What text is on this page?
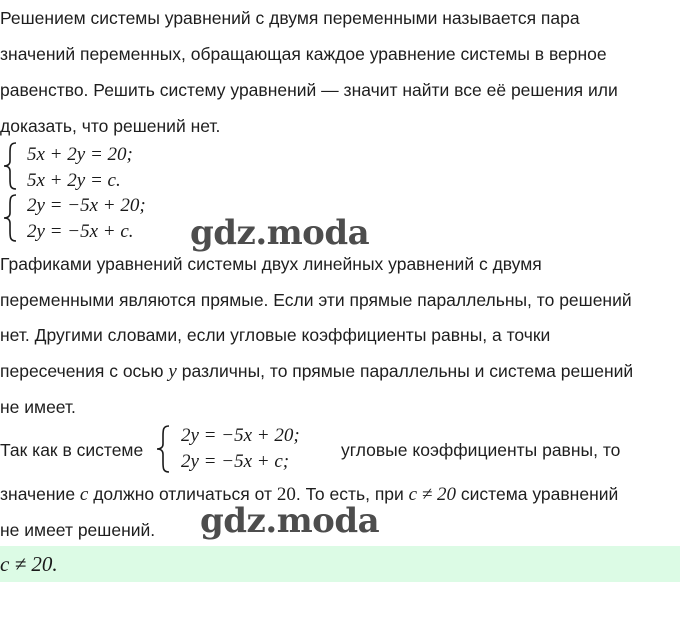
Решением системы уравнений с двумя переменными называется пара
значений переменных, обращающая каждое уравнение системы в верное
равенство. Решить систему уравнений — значит найти все её решения или
доказать, что решений нет.
5x + 2y = 20;
5x + 2y = c.
2y = −5x + 20;
2y = −5x + c. gdz.moda
Графиками уравнений системы двух линейных уравнений с двумя
переменными являются прямые. Если эти прямые параллельны, то решений
нет. Другими словами, если угловые коэффициенты равны, а точки
пересечения с осью y различны, то прямые параллельны и система решений
не имеет.
Так как в системе
2y = −5x + 20;
2y = −5x + c;
угловые коэффициенты равны, то
значение c должно отличаться от 20. То есть, при c ≠ 20 система уравнений
не имеет решений. gdz.moda
c ≠ 20.
